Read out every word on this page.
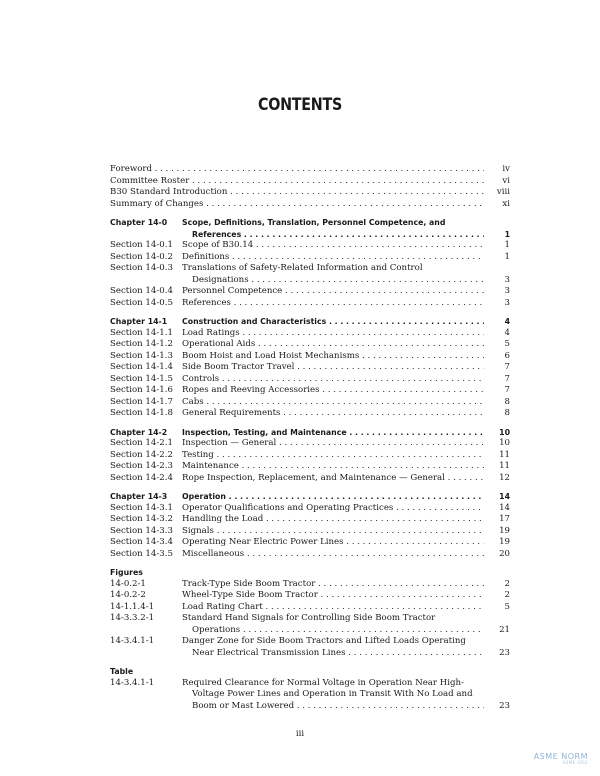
CONTENTS
Foreword . . .	iv
Committee Roster . . .	vi
B30 Standard Introduction . . .	viii
Summary of Changes . . .	xi
Chapter 14-0 Scope, Definitions, Translation, Personnel Competence, and
References . . .	1
Section 14-0.1 Scope of B30.14 . . .	1
Section 14-0.2 Definitions . . .	1
Section 14-0.3 Translations of Safety-Related Information and Control
Designations . . .	3
Section 14-0.4 Personnel Competence . . .	3
Section 14-0.5 References . . .	3
Chapter 14-1 Construction and Characteristics . . .	4
Section 14-1.1 Load Ratings . . .	4
Section 14-1.2 Operational Aids . . .	5
Section 14-1.3 Boom Hoist and Load Hoist Mechanisms . . .	6
Section 14-1.4 Side Boom Tractor Travel . . .	7
Section 14-1.5 Controls . . .	7
Section 14-1.6 Ropes and Reeving Accessories . . .	7
Section 14-1.7 Cabs . . .	8
Section 14-1.8 General Requirements . . .	8
Chapter 14-2 Inspection, Testing, and Maintenance . . .	10
Section 14-2.1 Inspection — General . . .	10
Section 14-2.2 Testing . . .	11
Section 14-2.3 Maintenance . . .	11
Section 14-2.4 Rope Inspection, Replacement, and Maintenance — General . . .	12
Chapter 14-3 Operation . . .	14
Section 14-3.1 Operator Qualifications and Operating Practices . . .	14
Section 14-3.2 Handling the Load . . .	17
Section 14-3.3 Signals . . .	19
Section 14-3.4 Operating Near Electric Power Lines . . .	19
Section 14-3.5 Miscellaneous . . .	20
Figures
14-0.2-1	Track-Type Side Boom Tractor . . .	2
14-0.2-2	Wheel-Type Side Boom Tractor . . .	2
14-1.1.4-1	Load Rating Chart . . .	5
14-3.3.2-1	Standard Hand Signals for Controlling Side Boom Tractor
Operations . . .	21
14-3.4.1-1	Danger Zone for Side Boom Tractors and Lifted Loads Operating
Near Electrical Transmission Lines . . .	23
Table
14-3.4.1-1	Required Clearance for Normal Voltage in Operation Near High-
Voltage Power Lines and Operation in Transit With No Load and
Boom or Mast Lowered . . .	23
iii
ASME NORM
ASME.ORG
